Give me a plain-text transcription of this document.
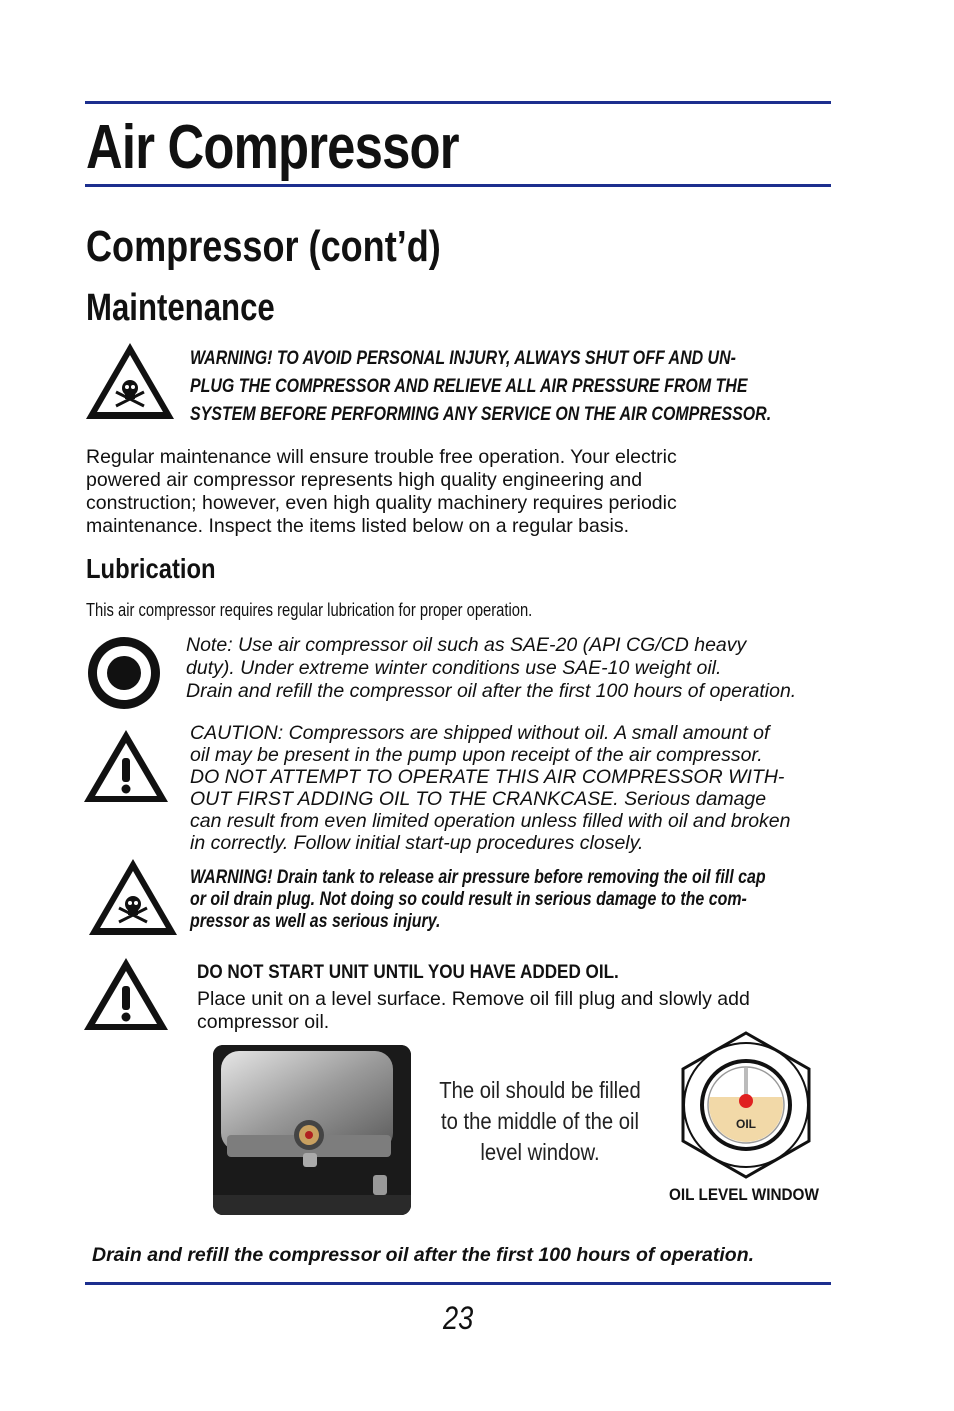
Air Compressor
Compressor (cont’d)
Maintenance
WARNING! TO AVOID PERSONAL INJURY, ALWAYS SHUT OFF AND UN-
PLUG THE COMPRESSOR AND RELIEVE ALL AIR PRESSURE FROM THE
SYSTEM BEFORE PERFORMING ANY SERVICE ON THE AIR COMPRESSOR.
Regular maintenance will ensure trouble free operation. Your electric
powered air compressor represents high quality engineering and
construction; however, even high quality machinery requires periodic
maintenance. Inspect the items listed below on a regular basis.
Lubrication
This air compressor requires regular lubrication for proper operation.
Note: Use air compressor oil such as SAE-20 (API CG/CD heavy
duty). Under extreme winter conditions use SAE-10 weight oil.
Drain and refill the compressor oil after the first 100 hours of operation.
CAUTION: Compressors are shipped without oil. A small amount of
oil may be present in the pump upon receipt of the air compressor.
DO NOT ATTEMPT TO OPERATE THIS AIR COMPRESSOR WITH-
OUT FIRST ADDING OIL TO THE CRANKCASE. Serious damage
can result from even limited operation unless filled with oil and broken
in correctly. Follow initial start-up procedures closely.
WARNING! Drain tank to release air pressure before removing the oil fill cap
or oil drain plug. Not doing so could result in serious damage to the com-
pressor as well as serious injury.
DO NOT START UNIT UNTIL YOU HAVE ADDED OIL.
Place unit on a level surface. Remove oil fill plug and slowly add
compressor oil.
The oil should be filled
to the middle of the oil
level window.
OIL
OIL LEVEL WINDOW
Drain and refill the compressor oil after the first 100 hours of operation.
23
